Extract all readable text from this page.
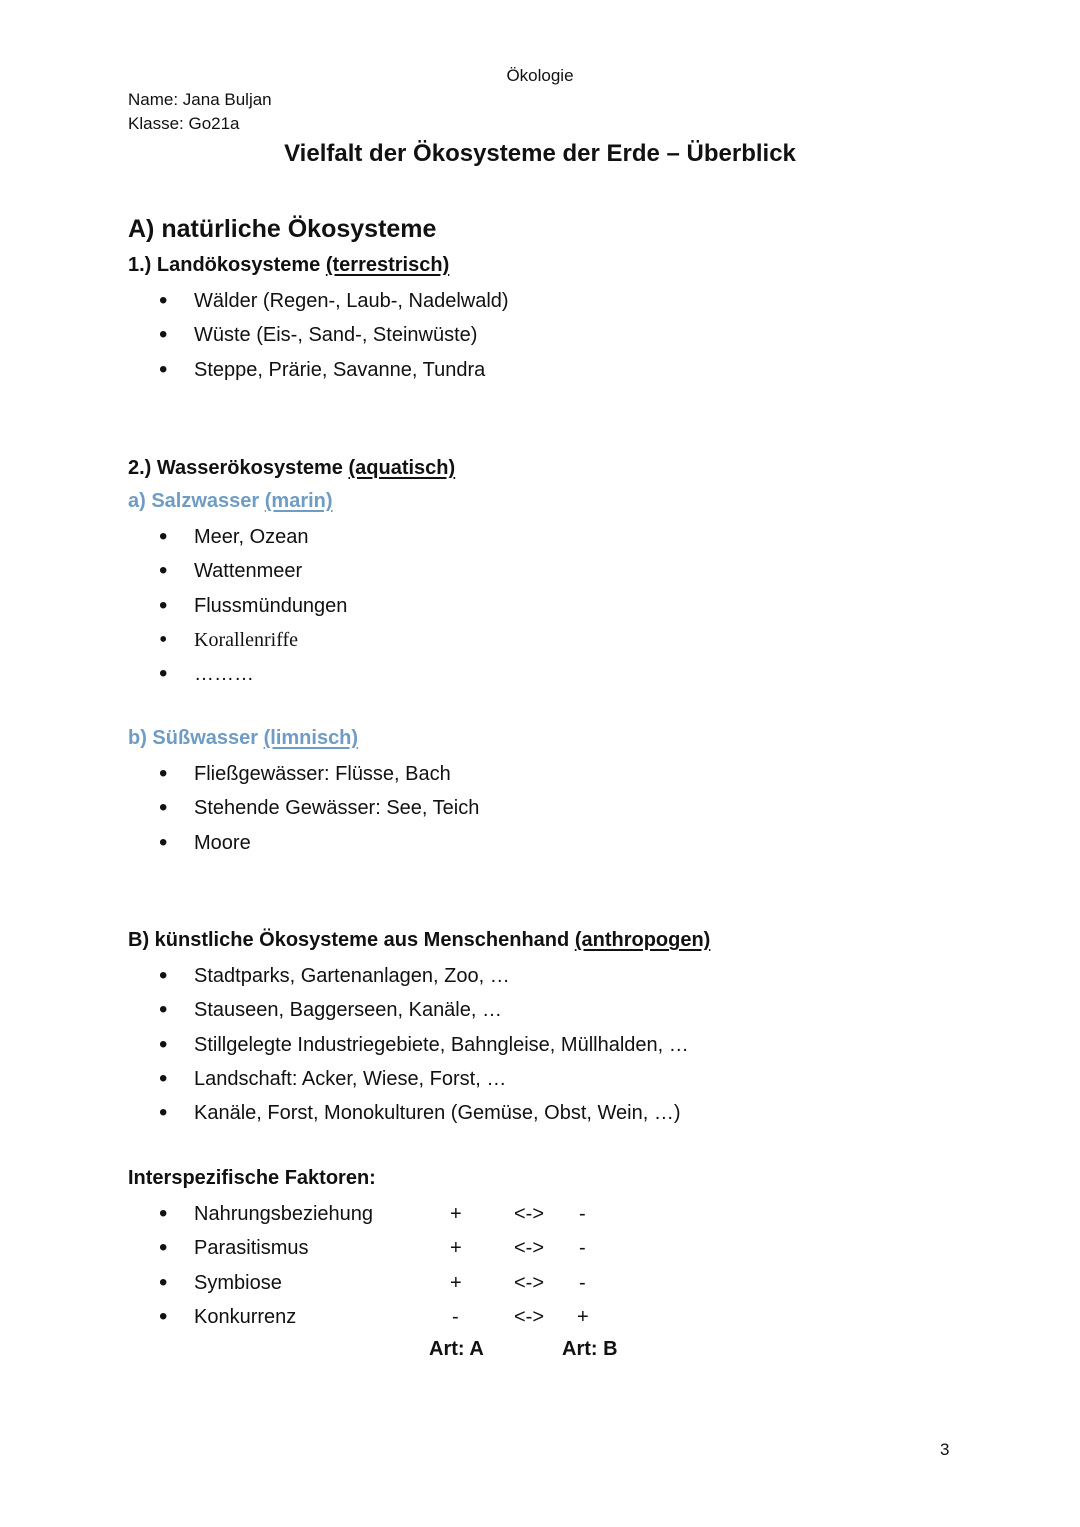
Ökologie
Name: Jana Buljan
Klasse: Go21a
Vielfalt der Ökosysteme der Erde – Überblick
A) natürliche Ökosysteme
1.) Landökosysteme (terrestrisch)
• Wälder (Regen-, Laub-, Nadelwald)
• Wüste (Eis-, Sand-, Steinwüste)
• Steppe, Prärie, Savanne, Tundra
2.) Wasserökosysteme (aquatisch)
a) Salzwasser (marin)
• Meer, Ozean
• Wattenmeer
• Flussmündungen
• Korallenriffe
• ………
b) Süßwasser (limnisch)
• Fließgewässer: Flüsse, Bach
• Stehende Gewässer: See, Teich
• Moore
B) künstliche Ökosysteme aus Menschenhand (anthropogen)
• Stadtparks, Gartenanlagen, Zoo, …
• Stauseen, Baggerseen, Kanäle, …
• Stillgelegte Industriegebiete, Bahngleise, Müllhalden, …
• Landschaft: Acker, Wiese, Forst, …
• Kanäle, Forst, Monokulturen (Gemüse, Obst, Wein, …)
Interspezifische Faktoren:
• Nahrungsbeziehung	+	<-> -
• Parasitismus	+	<-> -
• Symbiose	+	<-> -
• Konkurrenz	-	<-> +
Art: A	Art: B
3
